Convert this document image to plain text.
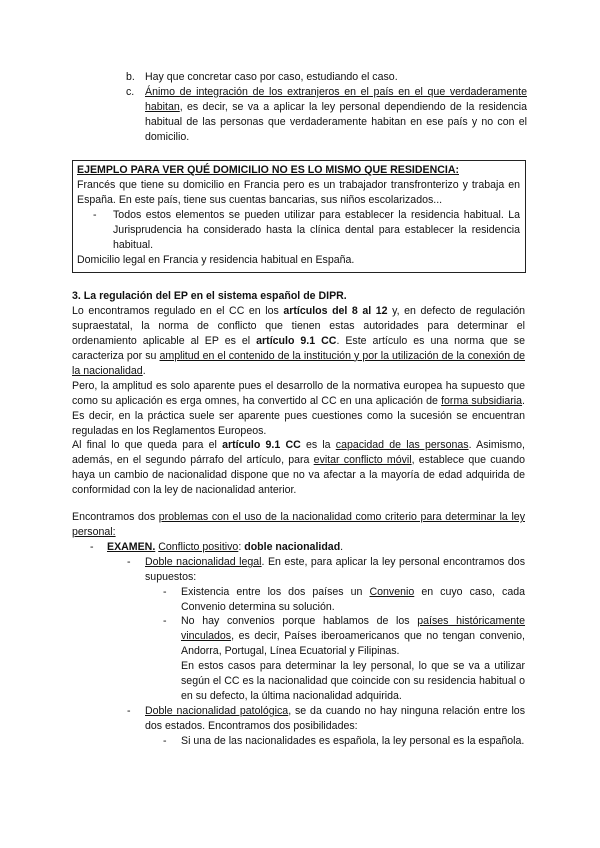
b. Hay que concretar caso por caso, estudiando el caso.
c. Ánimo de integración de los extranjeros en el país en el que verdaderamente habitan, es decir, se va a aplicar la ley personal dependiendo de la residencia habitual de las personas que verdaderamente habitan en ese país y no con el domicilio.
EJEMPLO PARA VER QUÉ DOMICILIO NO ES LO MISMO QUE RESIDENCIA:
Francés que tiene su domicilio en Francia pero es un trabajador transfronterizo y trabaja en España. En este país, tiene sus cuentas bancarias, sus niños escolarizados...
- Todos estos elementos se pueden utilizar para establecer la residencia habitual. La Jurisprudencia ha considerado hasta la clínica dental para establecer la residencia habitual.
Domicilio legal en Francia y residencia habitual en España.
3. La regulación del EP en el sistema español de DIPR.
Lo encontramos regulado en el CC en los artículos del 8 al 12 y, en defecto de regulación supraestatal, la norma de conflicto que tienen estas autoridades para determinar el ordenamiento aplicable al EP es el artículo 9.1 CC. Este artículo es una norma que se caracteriza por su amplitud en el contenido de la institución y por la utilización de la conexión de la nacionalidad.
Pero, la amplitud es solo aparente pues el desarrollo de la normativa europea ha supuesto que como su aplicación es erga omnes, ha convertido al CC en una aplicación de forma subsidiaria. Es decir, en la práctica suele ser aparente pues cuestiones como la sucesión se encuentran reguladas en los Reglamentos Europeos.
Al final lo que queda para el artículo 9.1 CC es la capacidad de las personas. Asimismo, además, en el segundo párrafo del artículo, para evitar conflicto móvil, establece que cuando haya un cambio de nacionalidad dispone que no va afectar a la mayoría de edad adquirida de conformidad con la ley de nacionalidad anterior.
Encontramos dos problemas con el uso de la nacionalidad como criterio para determinar la ley personal:
- EXAMEN. Conflicto positivo: doble nacionalidad.
- Doble nacionalidad legal. En este, para aplicar la ley personal encontramos dos supuestos:
- Existencia entre los dos países un Convenio en cuyo caso, cada Convenio determina su solución.
- No hay convenios porque hablamos de los países históricamente vinculados, es decir, Países iberoamericanos que no tengan convenio, Andorra, Portugal, Línea Ecuatorial y Filipinas.
En estos casos para determinar la ley personal, lo que se va a utilizar según el CC es la nacionalidad que coincide con su residencia habitual o en su defecto, la última nacionalidad adquirida.
- Doble nacionalidad patológica, se da cuando no hay ninguna relación entre los dos estados. Encontramos dos posibilidades:
- Si una de las nacionalidades es española, la ley personal es la española.
